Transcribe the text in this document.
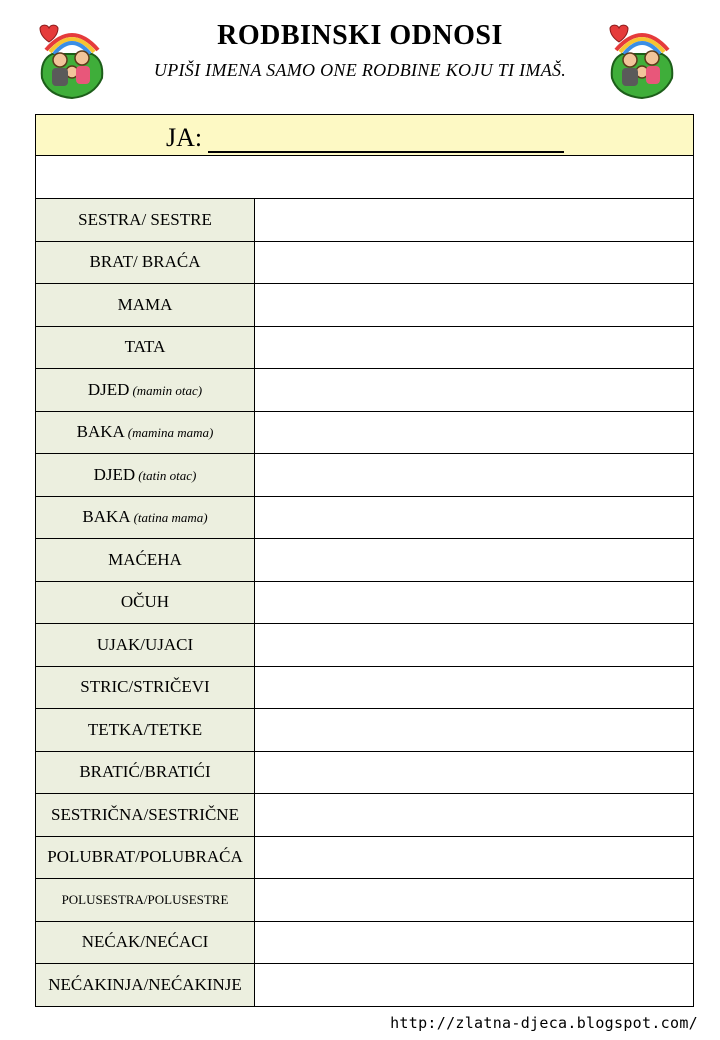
RODBINSKI ODNOSI
UPIŠI IMENA SAMO ONE RODBINE KOJU TI IMAŠ.
JA:	

SESTRA/ SESTRE	
BRAT/ BRAĆA	
MAMA	
TATA	
DJED (mamin otac)	
BAKA (mamina mama)	
DJED (tatin otac)	
BAKA (tatina mama)	
MAĆEHA	
OČUH	
UJAK/UJACI	
STRIC/STRIČEVI	
TETKA/TETKE	
BRATIĆ/BRATIĆI	
SESTRIČNA/SESTRIČNE	
POLUBRAT/POLUBRAĆA	
POLUSESTRA/POLUSESTRE	
NEĆAK/NEĆACI	
NEĆAKINJA/NEĆAKINJE	
http://zlatna-djeca.blogspot.com/
